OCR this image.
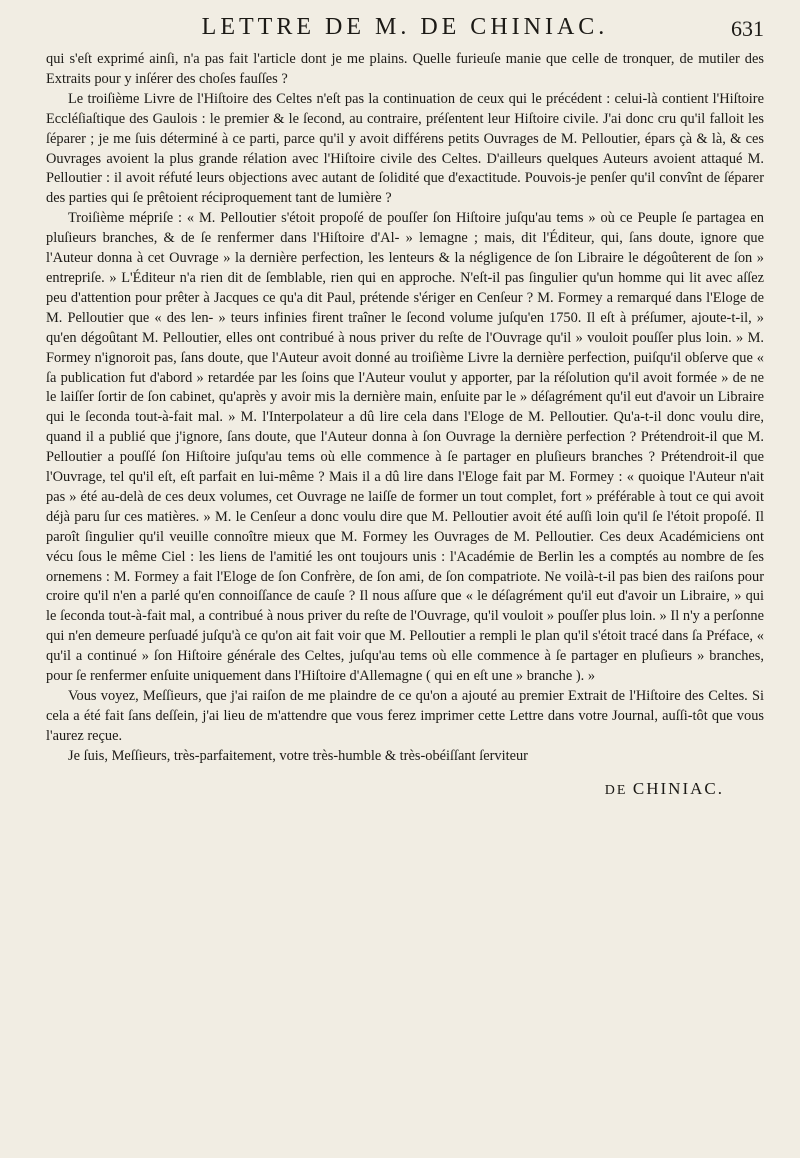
LETTRE DE M. DE CHINIAC.	631

qui s'eſt exprimé ainſi, n'a pas fait l'article dont je me plains. Quelle furieuſe manie que celle de tronquer, de mutiler des Extraits pour y inſérer des choſes fauſſes ?

Le troiſième Livre de l'Hiſtoire des Celtes n'eſt pas la continuation de ceux qui le précédent : celui-là contient l'Hiſtoire Eccléſiaſtique des Gaulois : le premier & le ſecond, au contraire, préſentent leur Hiſtoire civile. J'ai donc cru qu'il falloit les ſéparer ; je me ſuis déterminé à ce parti, parce qu'il y avoit différens petits Ouvrages de M. Pelloutier, épars çà & là, & ces Ouvrages avoient la plus grande rélation avec l'Hiſtoire civile des Celtes. D'ailleurs quelques Auteurs avoient attaqué M. Pelloutier : il avoit réfuté leurs objections avec autant de ſolidité que d'exactitude. Pouvois-je penſer qu'il convînt de ſéparer des parties qui ſe prêtoient réciproquement tant de lumière ?

Troiſième mépriſe : « M. Pelloutier s'étoit propoſé de pouſſer ſon Hiſtoire juſqu'au tems » où ce Peuple ſe partagea en pluſieurs branches, & de ſe renfermer dans l'Hiſtoire d'Al- » lemagne ; mais, dit l'Éditeur, qui, ſans doute, ignore que l'Auteur donna à cet Ouvrage » la dernière perfection, les lenteurs & la négligence de ſon Libraire le dégoûterent de ſon » entrepriſe. » L'Éditeur n'a rien dit de ſemblable, rien qui en approche. N'eſt-il pas ſingulier qu'un homme qui lit avec aſſez peu d'attention pour prêter à Jacques ce qu'a dit Paul, prétende s'ériger en Cenſeur ? M. Formey a remarqué dans l'Eloge de M. Pelloutier que « des len- » teurs infinies firent traîner le ſecond volume juſqu'en 1750. Il eſt à préſumer, ajoute-t-il, » qu'en dégoûtant M. Pelloutier, elles ont contribué à nous priver du reſte de l'Ouvrage qu'il » vouloit pouſſer plus loin. » M. Formey n'ignoroit pas, ſans doute, que l'Auteur avoit donné au troiſième Livre la dernière perfection, puiſqu'il obſerve que « ſa publication fut d'abord » retardée par les ſoins que l'Auteur voulut y apporter, par la réſolution qu'il avoit formée » de ne le laiſſer ſortir de ſon cabinet, qu'après y avoir mis la dernière main, enſuite par le » déſagrément qu'il eut d'avoir un Libraire qui le ſeconda tout-à-fait mal. » M. l'Interpolateur a dû lire cela dans l'Eloge de M. Pelloutier. Qu'a-t-il donc voulu dire, quand il a publié que j'ignore, ſans doute, que l'Auteur donna à ſon Ouvrage la dernière perfection ? Prétendroit-il que M. Pelloutier a pouſſé ſon Hiſtoire juſqu'au tems où elle commence à ſe partager en pluſieurs branches ? Prétendroit-il que l'Ouvrage, tel qu'il eſt, eſt parfait en lui-même ? Mais il a dû lire dans l'Eloge fait par M. Formey : « quoique l'Auteur n'ait pas » été au-delà de ces deux volumes, cet Ouvrage ne laiſſe de former un tout complet, fort » préférable à tout ce qui avoit déjà paru ſur ces matières. » M. le Cenſeur a donc voulu dire que M. Pelloutier avoit été auſſi loin qu'il ſe l'étoit propoſé. Il paroît ſingulier qu'il veuille connoître mieux que M. Formey les Ouvrages de M. Pelloutier. Ces deux Académiciens ont vécu ſous le même Ciel : les liens de l'amitié les ont toujours unis : l'Académie de Berlin les a comptés au nombre de ſes ornemens : M. Formey a fait l'Eloge de ſon Confrère, de ſon ami, de ſon compatriote. Ne voilà-t-il pas bien des raiſons pour croire qu'il n'en a parlé qu'en connoiſſance de cauſe ? Il nous aſſure que « le déſagrément qu'il eut d'avoir un Libraire, » qui le ſeconda tout-à-fait mal, a contribué à nous priver du reſte de l'Ouvrage, qu'il vouloit » pouſſer plus loin. » Il n'y a perſonne qui n'en demeure perſuadé juſqu'à ce qu'on ait fait voir que M. Pelloutier a rempli le plan qu'il s'étoit tracé dans ſa Préface, « qu'il a continué » ſon Hiſtoire générale des Celtes, juſqu'au tems où elle commence à ſe partager en pluſieurs » branches, pour ſe renfermer enſuite uniquement dans l'Hiſtoire d'Allemagne ( qui en eſt une » branche ). »

Vous voyez, Meſſieurs, que j'ai raiſon de me plaindre de ce qu'on a ajouté au premier Extrait de l'Hiſtoire des Celtes. Si cela a été fait ſans deſſein, j'ai lieu de m'attendre que vous ferez imprimer cette Lettre dans votre Journal, auſſi-tôt que vous l'aurez reçue.

Je ſuis, Meſſieurs, très-parfaitement, votre très-humble & très-obéiſſant ſerviteur

DE CHINIAC.
